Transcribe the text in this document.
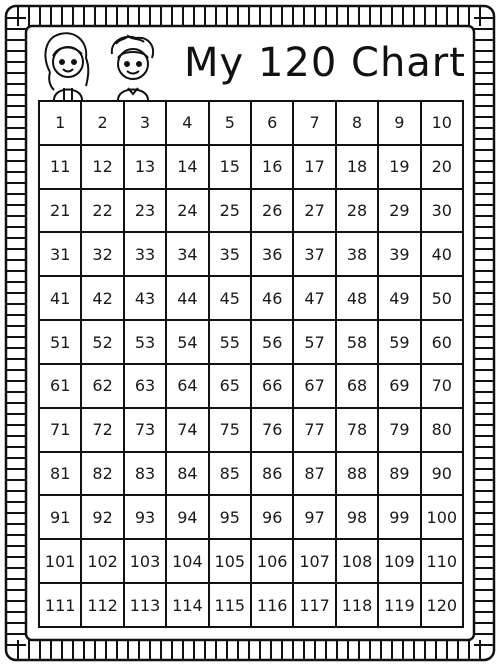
My 120 Chart
1	2	3	4	5	6	7	8	9	10
11	12	13	14	15	16	17	18	19	20
21	22	23	24	25	26	27	28	29	30
31	32	33	34	35	36	37	38	39	40
41	42	43	44	45	46	47	48	49	50
51	52	53	54	55	56	57	58	59	60
61	62	63	64	65	66	67	68	69	70
71	72	73	74	75	76	77	78	79	80
81	82	83	84	85	86	87	88	89	90
91	92	93	94	95	96	97	98	99	100
101 102 103 104 105 106 107 108 109 110
111 112 113 114 115 116 117 118 119 120
